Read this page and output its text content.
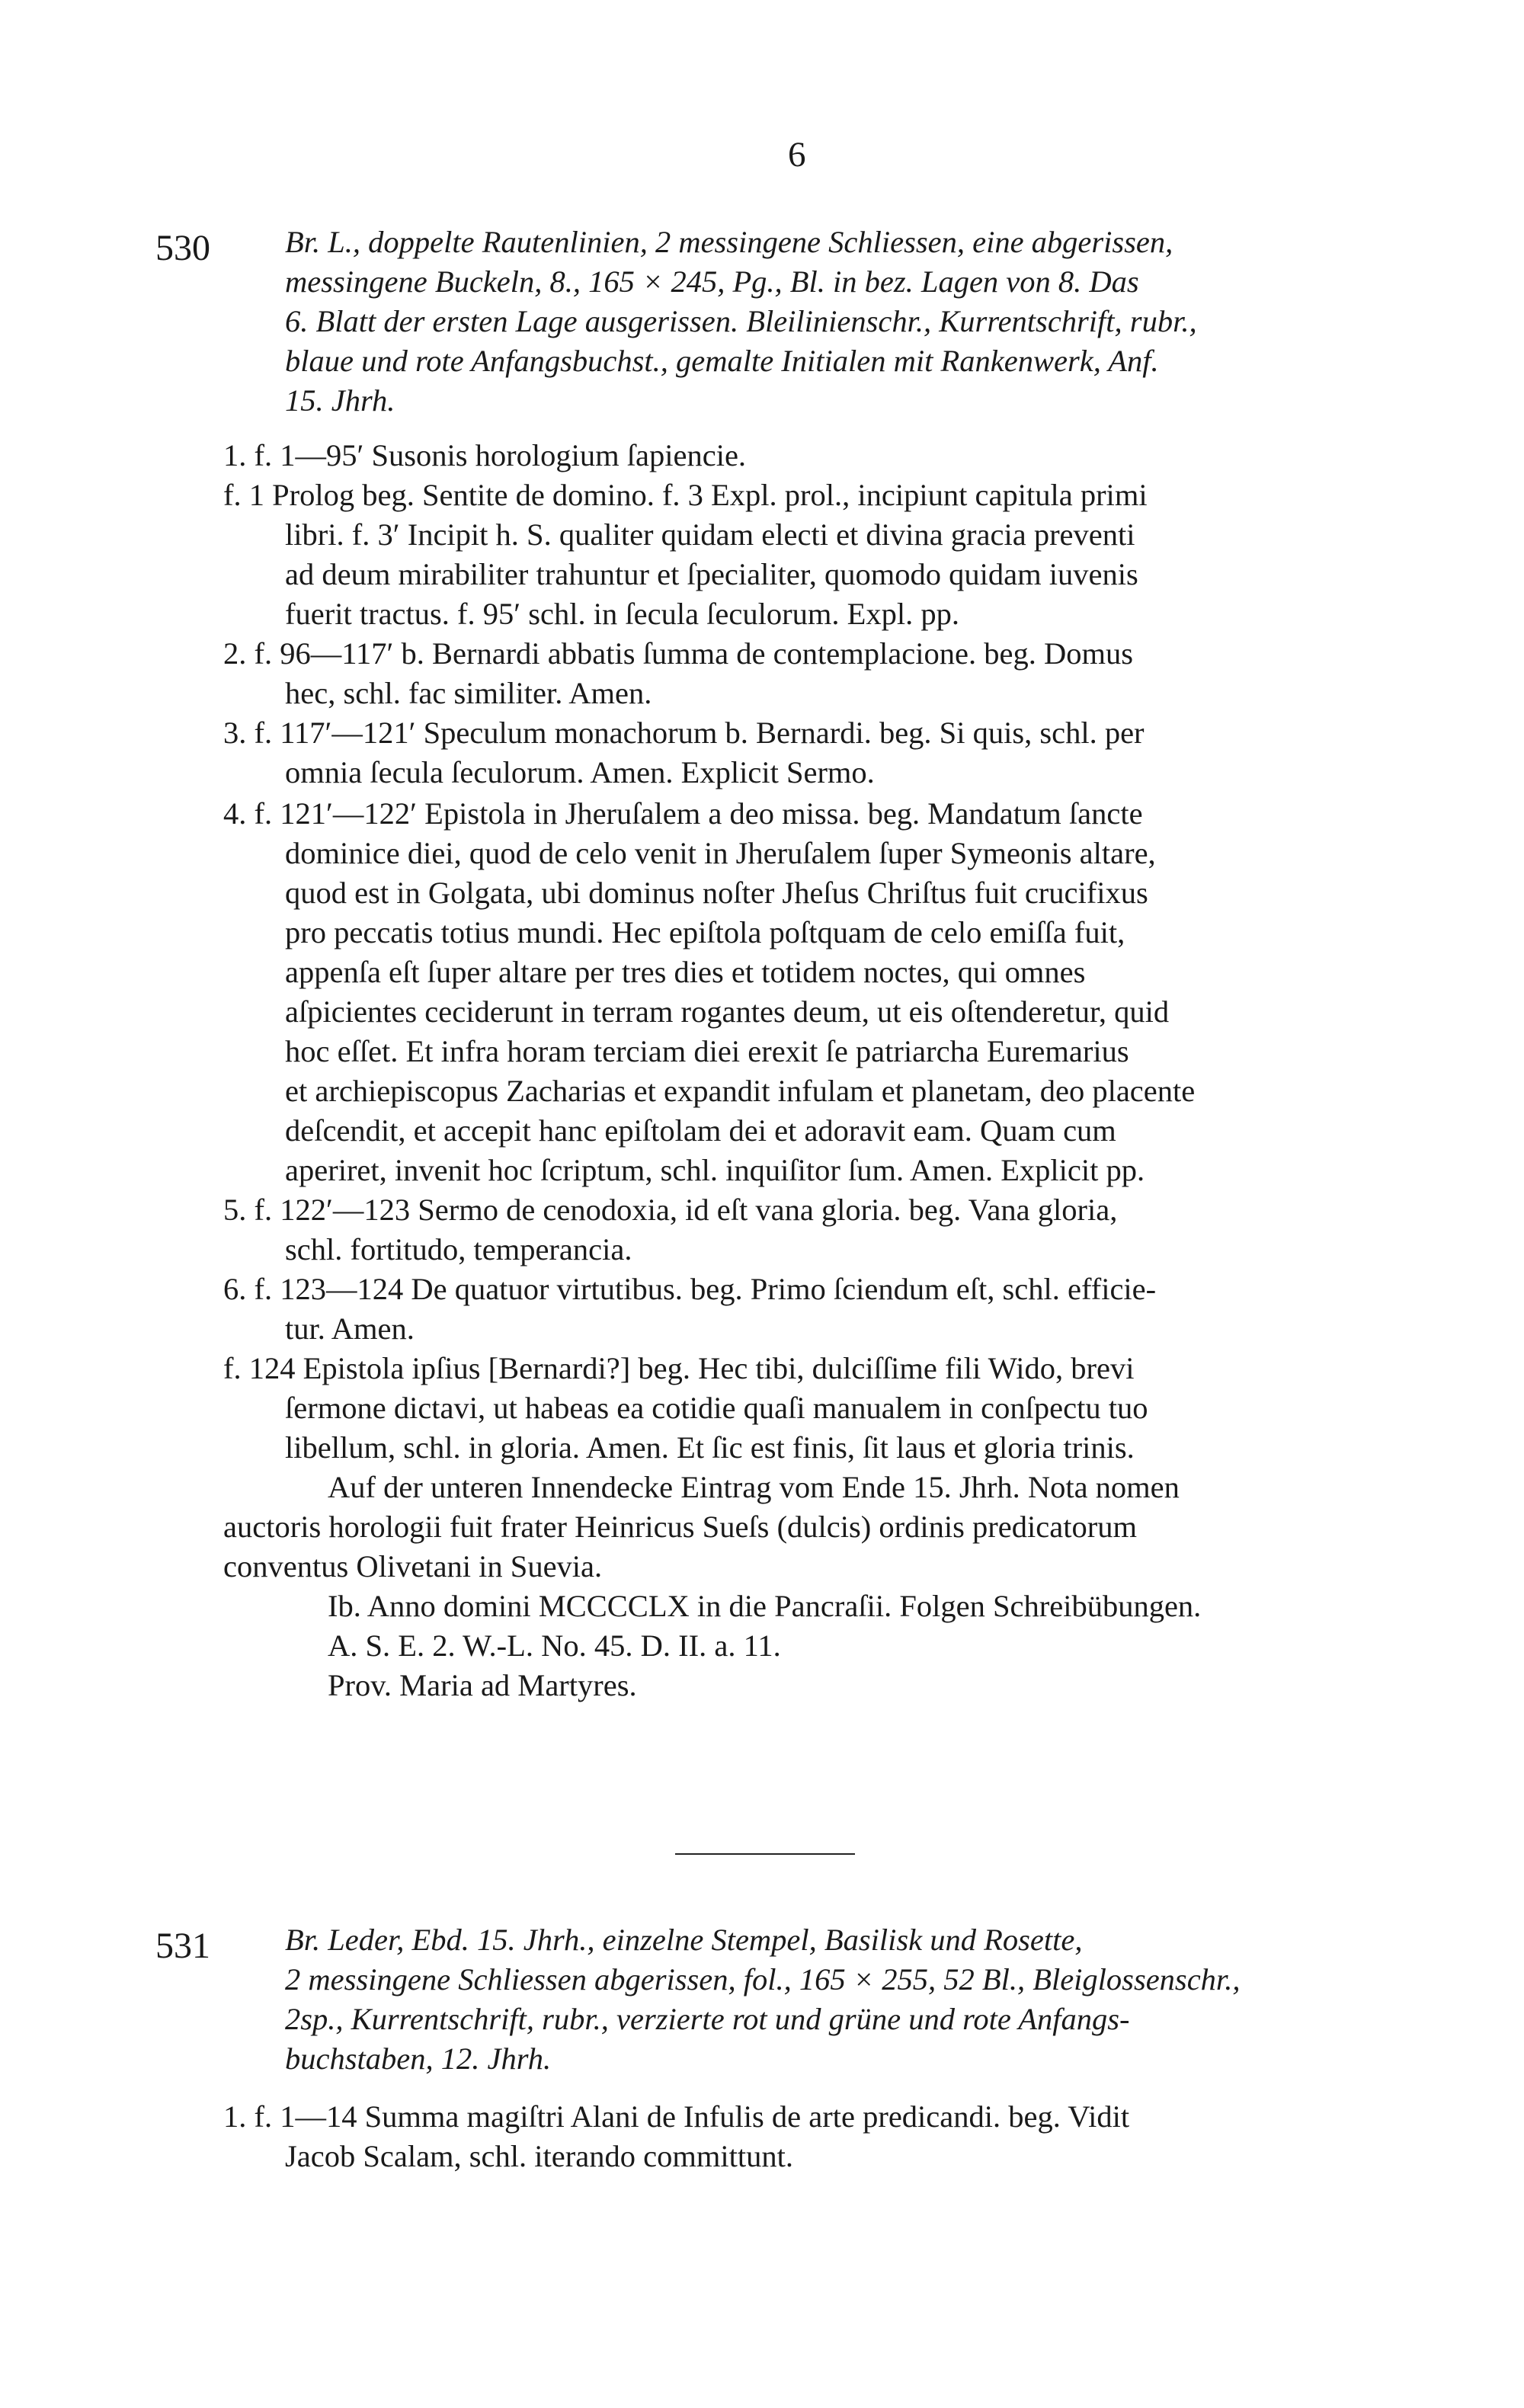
6
530 Br. L., doppelte Rautenlinien, 2 messingene Schliessen, eine abgerissen,
messingene Buckeln, 8., 165 × 245, Pg., Bl. in bez. Lagen von 8. Das
6. Blatt der ersten Lage ausgerissen. Bleilinienschr., Kurrentschrift, rubr.,
blaue und rote Anfangsbuchst., gemalte Initialen mit Rankenwerk, Anf.
15. Jhrh.
1. f. 1—95′ Susonis horologium ſapiencie.
f. 1 Prolog beg. Sentite de domino. f. 3 Expl. prol., incipiunt capitula primi
libri. f. 3′ Incipit h. S. qualiter quidam electi et divina gracia preventi
ad deum mirabiliter trahuntur et ſpecialiter, quomodo quidam iuvenis
fuerit tractus. f. 95′ schl. in ſecula ſeculorum. Expl. pp.
2. f. 96—117′ b. Bernardi abbatis ſumma de contemplacione. beg. Domus
hec, schl. fac similiter. Amen.
3. f. 117′—121′ Speculum monachorum b. Bernardi. beg. Si quis, schl. per
omnia ſecula ſeculorum. Amen. Explicit Sermo.
4. f. 121′—122′ Epistola in Jheruſalem a deo missa. beg. Mandatum ſancte
dominice diei, quod de celo venit in Jheruſalem ſuper Symeonis altare,
quod est in Golgata, ubi dominus noſter Jheſus Chriſtus fuit crucifixus
pro peccatis totius mundi. Hec epiſtola poſtquam de celo emiſſa fuit,
appenſa eſt ſuper altare per tres dies et totidem noctes, qui omnes
aſpicientes ceciderunt in terram rogantes deum, ut eis oſtenderetur, quid
hoc eſſet. Et infra horam terciam diei erexit ſe patriarcha Euremarius
et archiepiscopus Zacharias et expandit infulam et planetam, deo placente
deſcendit, et accepit hanc epiſtolam dei et adoravit eam. Quam cum
aperiret, invenit hoc ſcriptum, schl. inquiſitor ſum. Amen. Explicit pp.
5. f. 122′—123 Sermo de cenodoxia, id eſt vana gloria. beg. Vana gloria,
schl. fortitudo, temperancia.
6. f. 123—124 De quatuor virtutibus. beg. Primo ſciendum eſt, schl. efficie-
tur. Amen.
f. 124 Epistola ipſius [Bernardi?] beg. Hec tibi, dulciſſime fili Wido, brevi
ſermone dictavi, ut habeas ea cotidie quaſi manualem in conſpectu tuo
libellum, schl. in gloria. Amen. Et ſic est finis, ſit laus et gloria trinis.
Auf der unteren Innendecke Eintrag vom Ende 15. Jhrh. Nota nomen
auctoris horologii fuit frater Heinricus Sueſs (dulcis) ordinis predicatorum
conventus Olivetani in Suevia.
Ib. Anno domini MCCCCLX in die Pancraſii. Folgen Schreibübungen.
A. S. E. 2. W.-L. No. 45. D. II. a. 11.
Prov. Maria ad Martyres.
531 Br. Leder, Ebd. 15. Jhrh., einzelne Stempel, Basilisk und Rosette,
2 messingene Schliessen abgerissen, fol., 165 × 255, 52 Bl., Bleiglossenschr.,
2sp., Kurrentschrift, rubr., verzierte rot und grüne und rote Anfangs-
buchstaben, 12. Jhrh.
1. f. 1—14 Summa magiſtri Alani de Infulis de arte predicandi. beg. Vidit
Jacob Scalam, schl. iterando committunt.
